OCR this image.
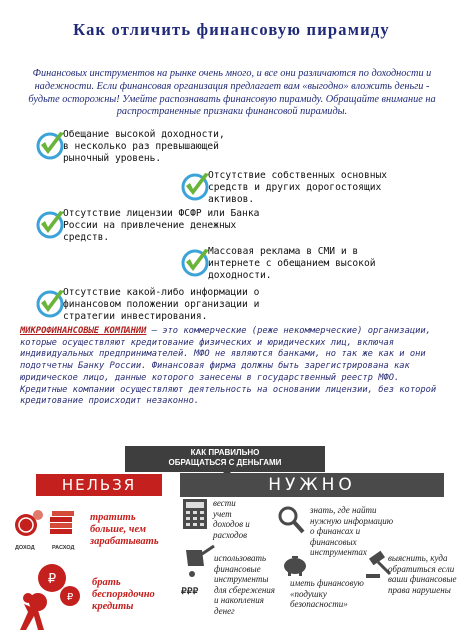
Как отличить финансовую пирамиду
Финансовых инструментов на рынке очень много, и все они различаются по доходности и надежности. Если финансовая организация предлагает вам «выгодно» вложить деньги - будьте осторожны! Умейте распознавать финансовую пирамиду. Обращайте внимание на распространенные признаки финансовой пирамиды.
Обещание высокой доходности,
в несколько раз превышающей
рыночный уровень.
Отсутствие собственных основных
средств и других дорогостоящих
активов.
Отсутствие лицензии ФСФР или Банка
России на привлечение денежных
средств.
Массовая реклама в СМИ и в
интернете с обещанием высокой
доходности.
Отсутствие какой-либо информации о
финансовом положении организации и
стратегии инвестирования.
МИКРОФИНАНСОВЫЕ КОМПАНИИ – это коммерческие (реже некоммерческие) организации, которые осуществляют кредитование физических и юридических лиц, включая индивидуальных предпринимателей. МФО не являются банками, но так же как и они подотчетны Банку России. Финансовая фирма должны быть зарегистрирована как юридическое лицо, данные которого занесены в государственный реестр МФО. Кредитные компании осуществляют деятельность на основании лицензии, без которой кредитование происходит незаконно.
КАК ПРАВИЛЬНО
ОБРАЩАТЬСЯ С ДЕНЬГАМИ
НЕЛЬЗЯ	НУЖНО
ДОХОД	РАСХОД
тратить
больше, чем
зарабатывать
₽
₽
брать
беспорядочно
кредиты
вести
учет
доходов и
расходов
знать, где найти
нужную информацию
о финансах и
финансовых
инструментах
₽₽₽
использовать
финансовые
инструменты
для сбережения
и накопления
денег
иметь финансовую
«подушку
безопасности»
выяснить, куда
обратиться если
ваши финансовые
права нарушены
